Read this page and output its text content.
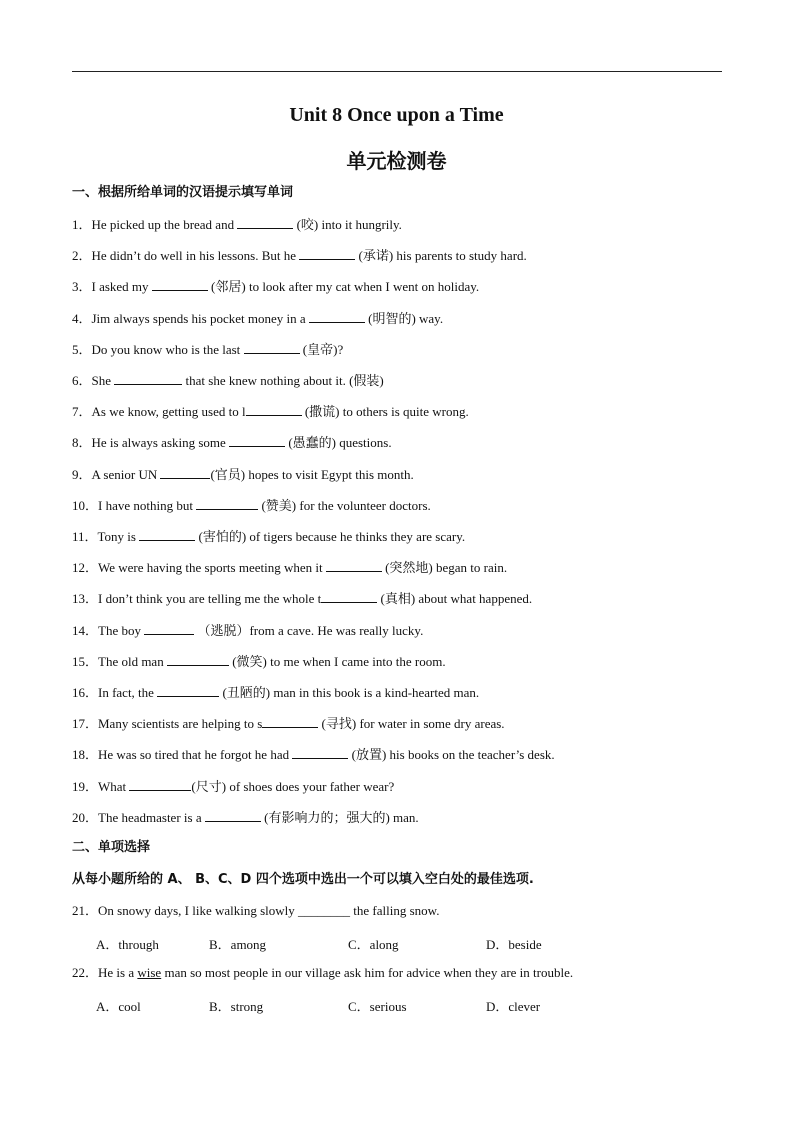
Unit 8 Once upon a Time
单元检测卷
一、根据所给单词的汉语提示填写单词
1．He picked up the bread and	(咬) into it hungrily.
2．He didn’t do well in his lessons. But he	(承诺) his parents to study hard.
3．I asked my	(邻居) to look after my cat when I went on holiday.
4．Jim always spends his pocket money in a	(明智的) way.
5．Do you know who is the last	(皇帝)?
6．She	that she knew nothing about it. (假装)
7．As we know, getting used to l	(撒谎) to others is quite wrong.
8．He is always asking some	(愚蠢的) questions.
9．A senior UN	(官员) hopes to visit Egypt this month.
10．I have nothing but	(赞美) for the volunteer doctors.
11．Tony is	(害怕的) of tigers because he thinks they are scary.
12．We were having the sports meeting when it	(突然地) began to rain.
13．I don’t think you are telling me the whole t	(真相) about what happened.
14．The boy	（逃脱）from a cave. He was really lucky.
15．The old man	(微笑) to me when I came into the room.
16．In fact, the	(丑陋的) man in this book is a kind-hearted man.
17．Many scientists are helping to s	(寻找) for water in some dry areas.
18．He was so tired that he forgot he had	(放置) his books on the teacher’s desk.
19．What	(尺寸) of shoes does your father wear?
20．The headmaster is a	(有影响力的；强大的) man.
二、单项选择
从每小题所给的 A、 B、C、D 四个选项中选出一个可以填入空白处的最佳选项.
21．On snowy days, I like walking slowly ________ the falling snow.
A．through	B．among	C．along	D．beside
22．He is a wise man so most people in our village ask him for advice when they are in trouble.
A．cool	B．strong	C．serious	D．clever
